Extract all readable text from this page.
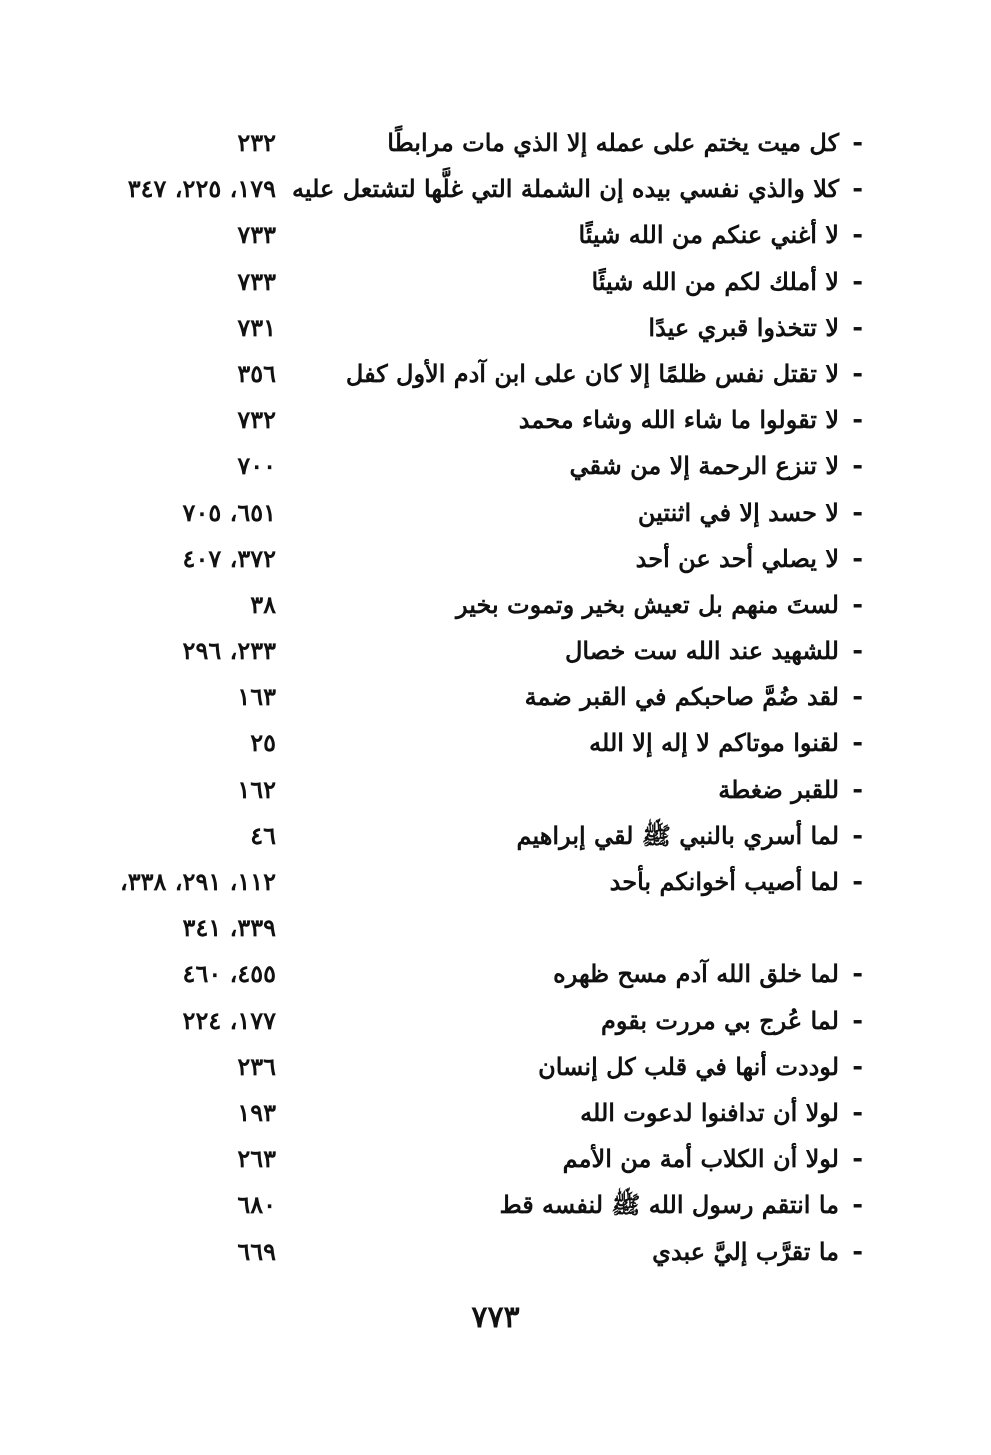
-
كل ميت يختم على عمله إلا الذي مات مرابطًا
٢٣٢
-
كلا والذي نفسي بيده إن الشملة التي غلَّها لتشتعل عليه
١٧٩، ٢٢٥، ٣٤٧
-
لا أغني عنكم من الله شيئًا
٧٣٣
-
لا أملك لكم من الله شيئًا
٧٣٣
-
لا تتخذوا قبري عيدًا
٧٣١
-
لا تقتل نفس ظلمًا إلا كان على ابن آدم الأول كفل
٣٥٦
-
لا تقولوا ما شاء الله وشاء محمد
٧٣٢
-
لا تنزع الرحمة إلا من شقي
٧٠٠
-
لا حسد إلا في اثنتين
٦٥١، ٧٠٥
-
لا يصلي أحد عن أحد
٣٧٢، ٤٠٧
-
لستَ منهم بل تعيش بخير وتموت بخير
٣٨
-
للشهيد عند الله ست خصال
٢٣٣، ٢٩٦
-
لقد ضُمَّ صاحبكم في القبر ضمة
١٦٣
-
لقنوا موتاكم لا إله إلا الله
٢٥
-
للقبر ضغطة
١٦٢
-
لما أسري بالنبي ﷺ لقي إبراهيم
٤٦
-
لما أصيب أخوانكم بأحد
١١٢، ٢٩١، ٣٣٨،
٣٣٩، ٣٤١
-
لما خلق الله آدم مسح ظهره
٤٥٥، ٤٦٠
-
لما عُرج بي مررت بقوم
١٧٧، ٢٢٤
-
لوددت أنها في قلب كل إنسان
٢٣٦
-
لولا أن تدافنوا لدعوت الله
١٩٣
-
لولا أن الكلاب أمة من الأمم
٢٦٣
-
ما انتقم رسول الله ﷺ لنفسه قط
٦٨٠
-
ما تقرَّب إليَّ عبدي
٦٦٩
٧٧٣
